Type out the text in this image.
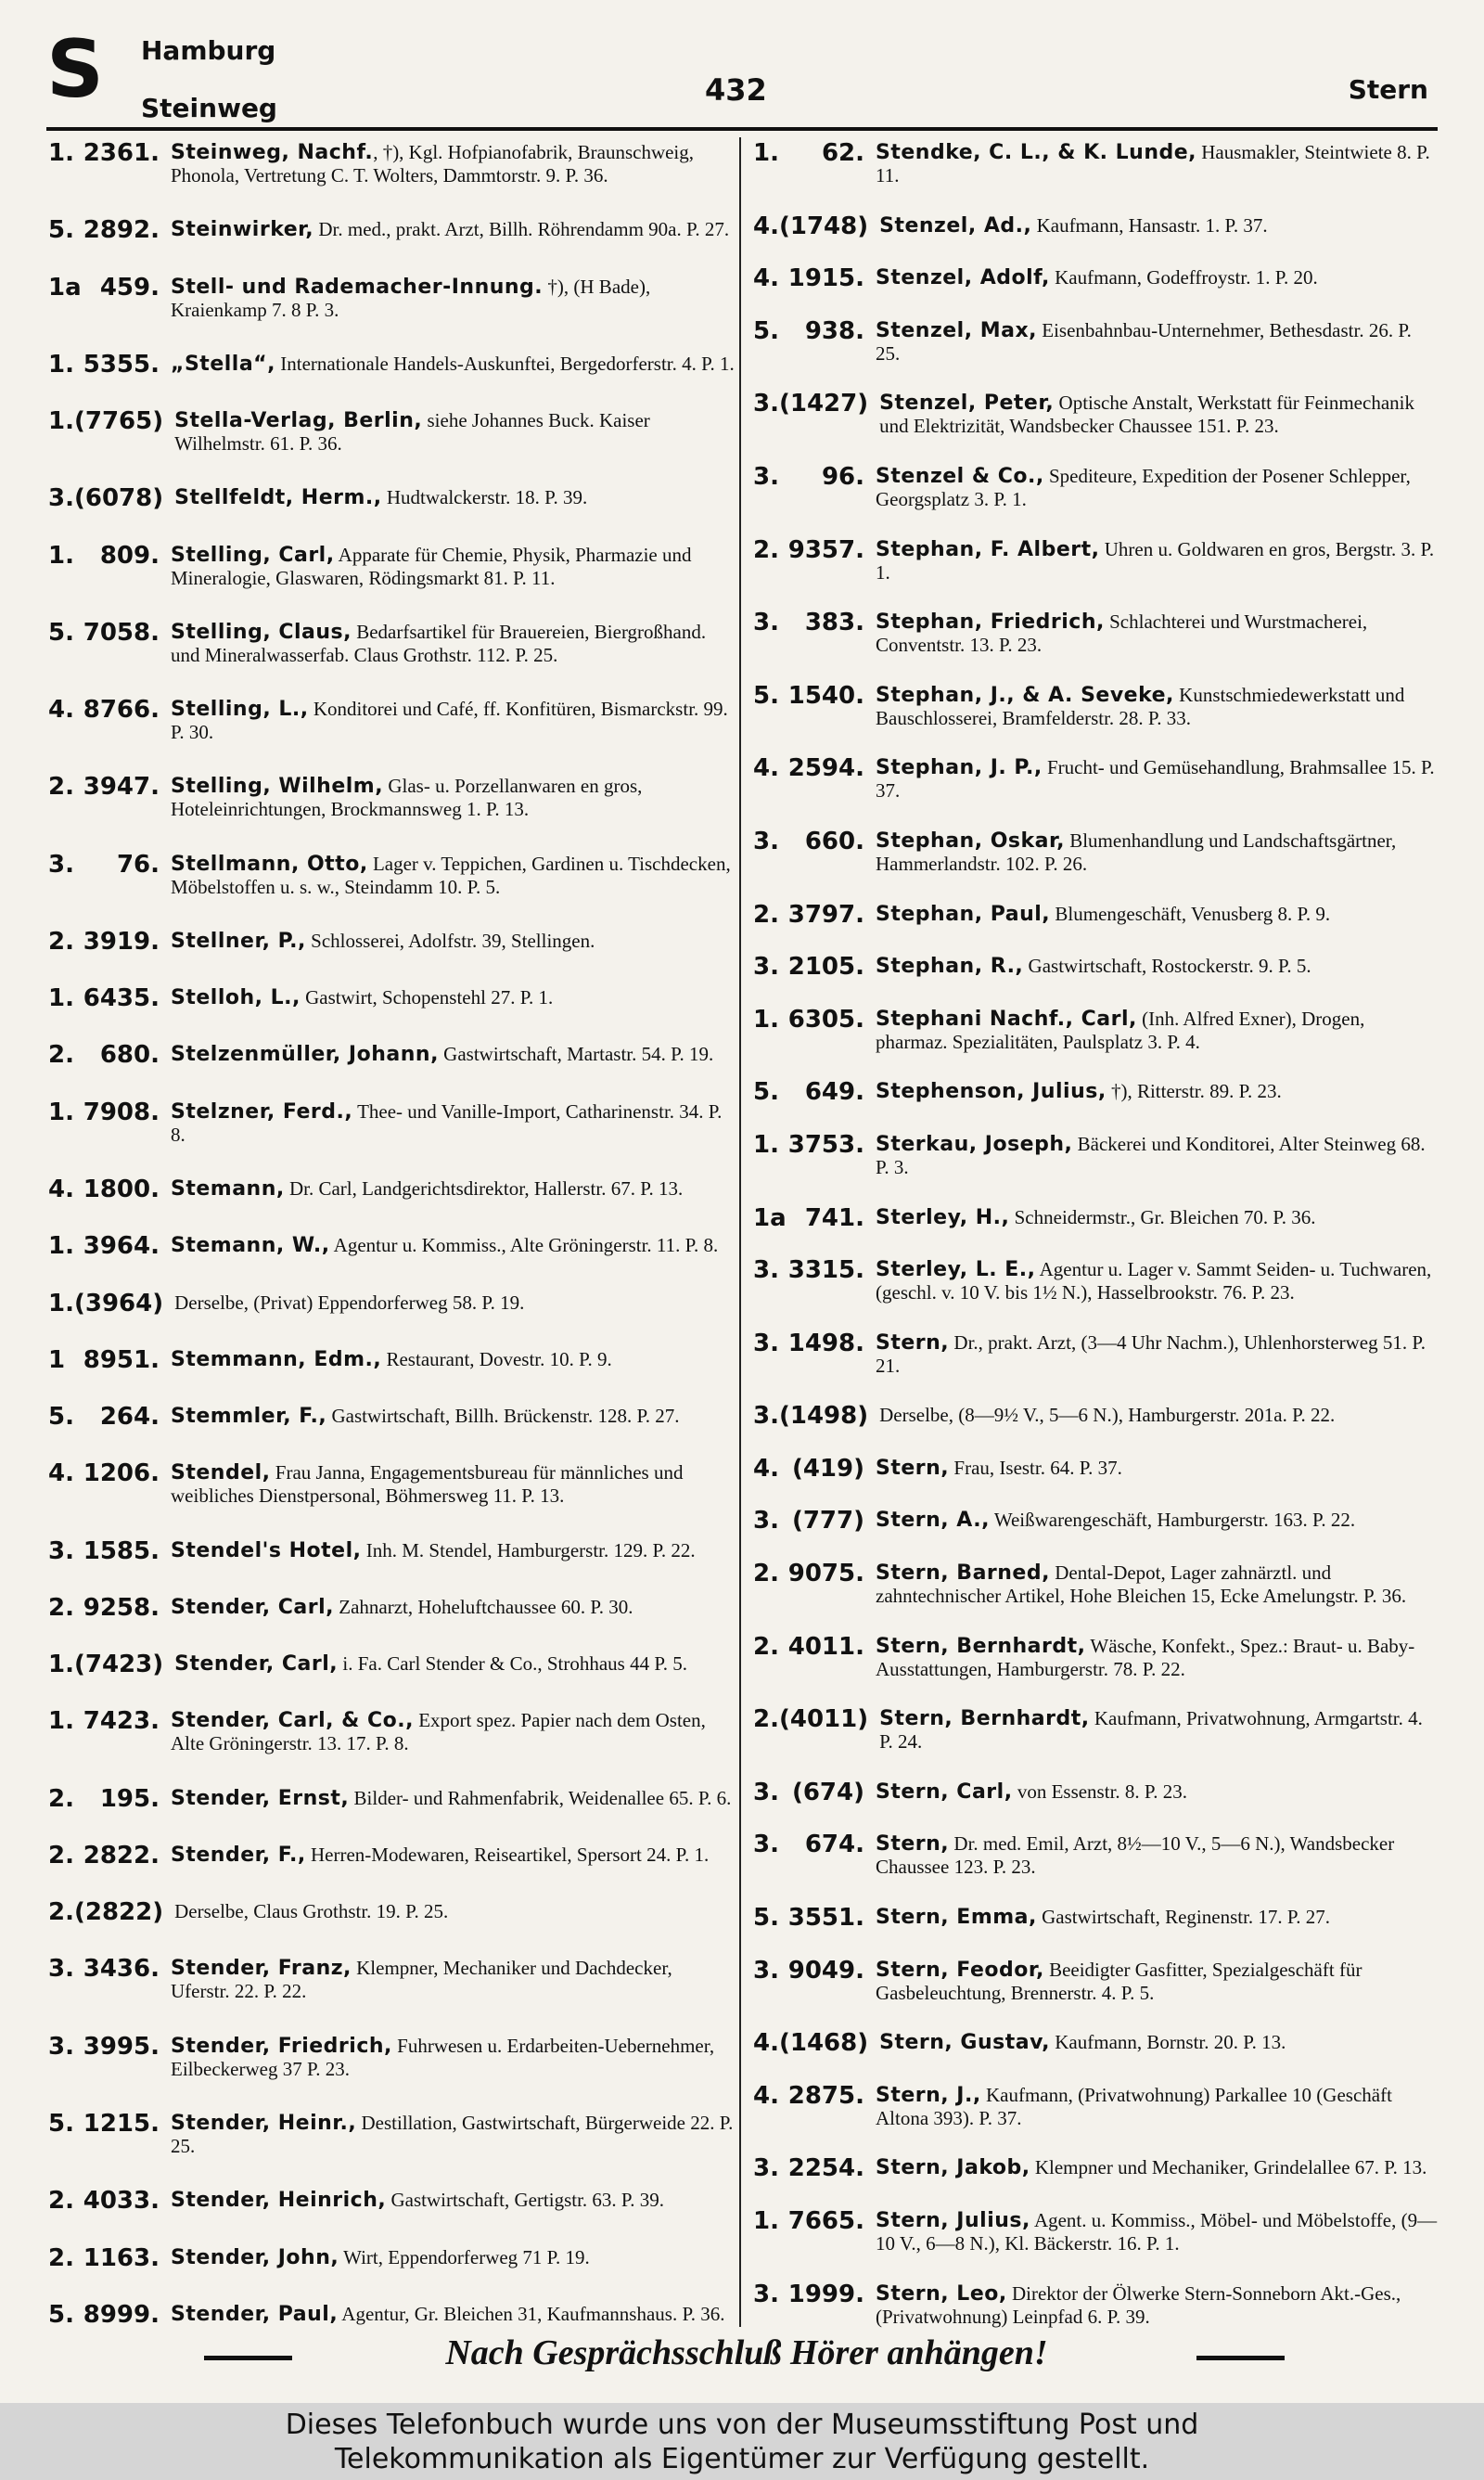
S Hamburg
Steinweg
432	Stern
1. 2361. Steinweg, Nachf., †), Kgl. Hofpianofabrik, Braunschweig, Phonola, Vertretung C. T. Wolters, Dammtorstr. 9. P. 36.
5. 2892. Steinwirker, Dr. med., prakt. Arzt, Billh. Röhrendamm 90a. P. 27.
1a 459. Stell- und Rademacher-Innung. †), (H Bade), Kraienkamp 7. 8 P. 3.
1. 5355. „Stella“, Internationale Handels-Auskunftei, Bergedorferstr. 4. P. 1.
1. (7765) Stella-Verlag, Berlin, siehe Johannes Buck. Kaiser Wilhelmstr. 61. P. 36.
3. (6078) Stellfeldt, Herm., Hudtwalckerstr. 18. P. 39.
1. 809. Stelling, Carl, Apparate für Chemie, Physik, Pharmazie und Mineralogie, Glaswaren, Rödingsmarkt 81. P. 11.
5. 7058. Stelling, Claus, Bedarfsartikel für Brauereien, Biergroßhand. und Mineralwasserfab. Claus Grothstr. 112. P. 25.
4. 8766. Stelling, L., Konditorei und Café, ff. Konfitüren, Bismarckstr. 99. P. 30.
2. 3947. Stelling, Wilhelm, Glas- u. Porzellanwaren en gros, Hoteleinrichtungen, Brockmannsweg 1. P. 13.
3. 76. Stellmann, Otto, Lager v. Teppichen, Gardinen u. Tischdecken, Möbelstoffen u. s. w., Steindamm 10. P. 5.
2. 3919. Stellner, P., Schlosserei, Adolfstr. 39, Stellingen.
1. 6435. Stelloh, L., Gastwirt, Schopenstehl 27. P. 1.
2. 680. Stelzenmüller, Johann, Gastwirtschaft, Martastr. 54. P. 19.
1. 7908. Stelzner, Ferd., Thee- und Vanille-Import, Catharinenstr. 34. P. 8.
4. 1800. Stemann, Dr. Carl, Landgerichtsdirektor, Hallerstr. 67. P. 13.
1. 3964. Stemann, W., Agentur u. Kommiss., Alte Gröningerstr. 11. P. 8.
1. (3964) Derselbe, (Privat) Eppendorferweg 58. P. 19.
1 8951. Stemmann, Edm., Restaurant, Dovestr. 10. P. 9.
5. 264. Stemmler, F., Gastwirtschaft, Billh. Brückenstr. 128. P. 27.
4. 1206. Stendel, Frau Janna, Engagementsbureau für männliches und weibliches Dienstpersonal, Böhmersweg 11. P. 13.
3. 1585. Stendel's Hotel, Inh. M. Stendel, Hamburgerstr. 129. P. 22.
2. 9258. Stender, Carl, Zahnarzt, Hoheluftchaussee 60. P. 30.
1. (7423) Stender, Carl, i. Fa. Carl Stender & Co., Strohhaus 44 P. 5.
1. 7423. Stender, Carl, & Co., Export spez. Papier nach dem Osten, Alte Gröningerstr. 13. 17. P. 8.
2. 195. Stender, Ernst, Bilder- und Rahmenfabrik, Weidenallee 65. P. 6.
2. 2822. Stender, F., Herren-Modewaren, Reiseartikel, Spersort 24. P. 1.
2. (2822) Derselbe, Claus Grothstr. 19. P. 25.
3. 3436. Stender, Franz, Klempner, Mechaniker und Dachdecker, Uferstr. 22. P. 22.
3. 3995. Stender, Friedrich, Fuhrwesen u. Erdarbeiten-Uebernehmer, Eilbeckerweg 37 P. 23.
5. 1215. Stender, Heinr., Destillation, Gastwirtschaft, Bürgerweide 22. P. 25.
2. 4033. Stender, Heinrich, Gastwirtschaft, Gertigstr. 63. P. 39.
2. 1163. Stender, John, Wirt, Eppendorferweg 71 P. 19.
5. 8999. Stender, Paul, Agentur, Gr. Bleichen 31, Kaufmannshaus. P. 36.
1. 62. Stendke, C. L., & K. Lunde, Hausmakler, Steintwiete 8. P. 11.
4. (1748) Stenzel, Ad., Kaufmann, Hansastr. 1. P. 37.
4. 1915. Stenzel, Adolf, Kaufmann, Godeffroystr. 1. P. 20.
5. 938. Stenzel, Max, Eisenbahnbau-Unternehmer, Bethesdastr. 26. P. 25.
3. (1427) Stenzel, Peter, Optische Anstalt, Werkstatt für Feinmechanik und Elektrizität, Wandsbecker Chaussee 151. P. 23.
3. 96. Stenzel & Co., Spediteure, Expedition der Posener Schlepper, Georgsplatz 3. P. 1.
2. 9357. Stephan, F. Albert, Uhren u. Goldwaren en gros, Bergstr. 3. P. 1.
3. 383. Stephan, Friedrich, Schlachterei und Wurstmacherei, Conventstr. 13. P. 23.
5. 1540. Stephan, J., & A. Seveke, Kunstschmiedewerkstatt und Bauschlosserei, Bramfelderstr. 28. P. 33.
4. 2594. Stephan, J. P., Frucht- und Gemüsehandlung, Brahmsallee 15. P. 37.
3. 660. Stephan, Oskar, Blumenhandlung und Landschaftsgärtner, Hammerlandstr. 102. P. 26.
2. 3797. Stephan, Paul, Blumengeschäft, Venusberg 8. P. 9.
3. 2105. Stephan, R., Gastwirtschaft, Rostockerstr. 9. P. 5.
1. 6305. Stephani Nachf., Carl, (Inh. Alfred Exner), Drogen, pharmaz. Spezialitäten, Paulsplatz 3. P. 4.
5. 649. Stephenson, Julius, †), Ritterstr. 89. P. 23.
1. 3753. Sterkau, Joseph, Bäckerei und Konditorei, Alter Steinweg 68. P. 3.
1a 741. Sterley, H., Schneidermstr., Gr. Bleichen 70. P. 36.
3. 3315. Sterley, L. E., Agentur u. Lager v. Sammt Seiden- u. Tuchwaren, (geschl. v. 10 V. bis 1½ N.), Hasselbrookstr. 76. P. 23.
3. 1498. Stern, Dr., prakt. Arzt, (3—4 Uhr Nachm.), Uhlenhorsterweg 51. P. 21.
3. (1498) Derselbe, (8—9½ V., 5—6 N.), Hamburgerstr. 201a. P. 22.
4. (419) Stern, Frau, Isestr. 64. P. 37.
3. (777) Stern, A., Weißwarengeschäft, Hamburgerstr. 163. P. 22.
2. 9075. Stern, Barned, Dental-Depot, Lager zahnärztl. und zahntechnischer Artikel, Hohe Bleichen 15, Ecke Amelungstr. P. 36.
2. 4011. Stern, Bernhardt, Wäsche, Konfekt., Spez.: Braut- u. Baby-Ausstattungen, Hamburgerstr. 78. P. 22.
2. (4011) Stern, Bernhardt, Kaufmann, Privatwohnung, Armgartstr. 4. P. 24.
3. (674) Stern, Carl, von Essenstr. 8. P. 23.
3. 674. Stern, Dr. med. Emil, Arzt, 8½—10 V., 5—6 N.), Wandsbecker Chaussee 123. P. 23.
5. 3551. Stern, Emma, Gastwirtschaft, Reginenstr. 17. P. 27.
3. 9049. Stern, Feodor, Beeidigter Gasfitter, Spezialgeschäft für Gasbeleuchtung, Brennerstr. 4. P. 5.
4. (1468) Stern, Gustav, Kaufmann, Bornstr. 20. P. 13.
4. 2875. Stern, J., Kaufmann, (Privatwohnung) Parkallee 10 (Geschäft Altona 393). P. 37.
3. 2254. Stern, Jakob, Klempner und Mechaniker, Grindelallee 67. P. 13.
1. 7665. Stern, Julius, Agent. u. Kommiss., Möbel- und Möbelstoffe, (9—10 V., 6—8 N.), Kl. Bäckerstr. 16. P. 1.
3. 1999. Stern, Leo, Direktor der Ölwerke Stern-Sonneborn Akt.-Ges., (Privatwohnung) Leinpfad 6. P. 39.
Nach Gesprächsschluß Hörer anhängen!
Dieses Telefonbuch wurde uns von der Museumsstiftung Post und
Telekommunikation als Eigentümer zur Verfügung gestellt.
